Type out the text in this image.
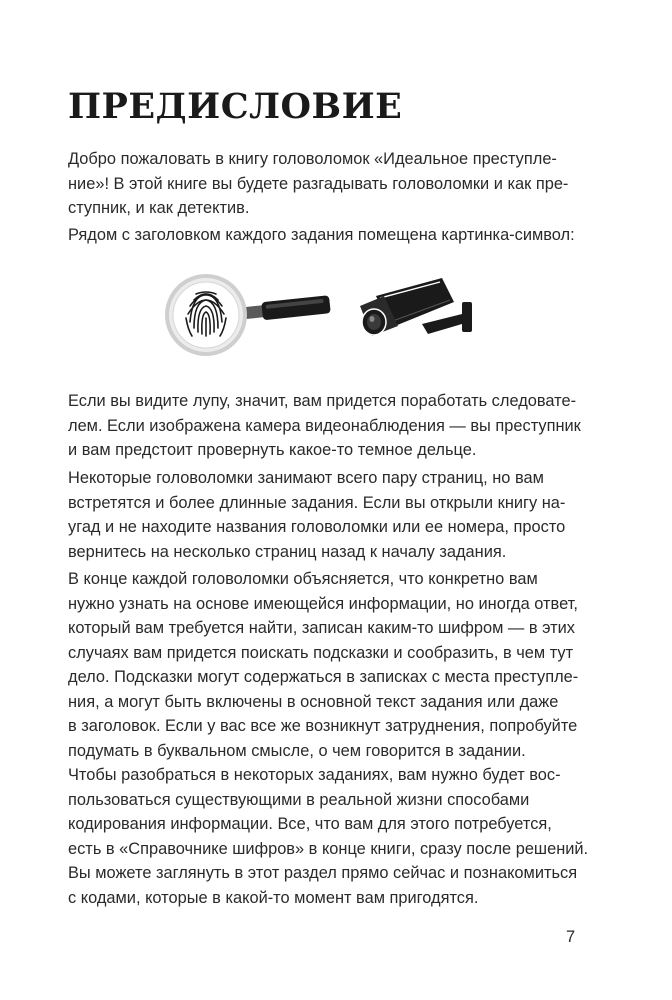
ПРЕДИСЛОВИЕ
Добро пожаловать в книгу головоломок «Идеальное преступле-
ние»! В этой книге вы будете разгадывать головоломки и как пре-
ступник, и как детектив.
Рядом с заголовком каждого задания помещена картинка-символ:
Если вы видите лупу, значит, вам придется поработать следовате-
лем. Если изображена камера видеонаблюдения — вы преступник
и вам предстоит провернуть какое-то темное дельце.
Некоторые головоломки занимают всего пару страниц, но вам
встретятся и более длинные задания. Если вы открыли книгу на-
угад и не находите названия головоломки или ее номера, просто
вернитесь на несколько страниц назад к началу задания.
В конце каждой головоломки объясняется, что конкретно вам
нужно узнать на основе имеющейся информации, но иногда ответ,
который вам требуется найти, записан каким-то шифром — в этих
случаях вам придется поискать подсказки и сообразить, в чем тут
дело. Подсказки могут содержаться в записках с места преступле-
ния, а могут быть включены в основной текст задания или даже
в заголовок. Если у вас все же возникнут затруднения, попробуйте
подумать в буквальном смысле, о чем говорится в задании.
Чтобы разобраться в некоторых заданиях, вам нужно будет вос-
пользоваться существующими в реальной жизни способами
кодирования информации. Все, что вам для этого потребуется,
есть в «Справочнике шифров» в конце книги, сразу после решений.
Вы можете заглянуть в этот раздел прямо сейчас и познакомиться
с кодами, которые в какой-то момент вам пригодятся.
7
